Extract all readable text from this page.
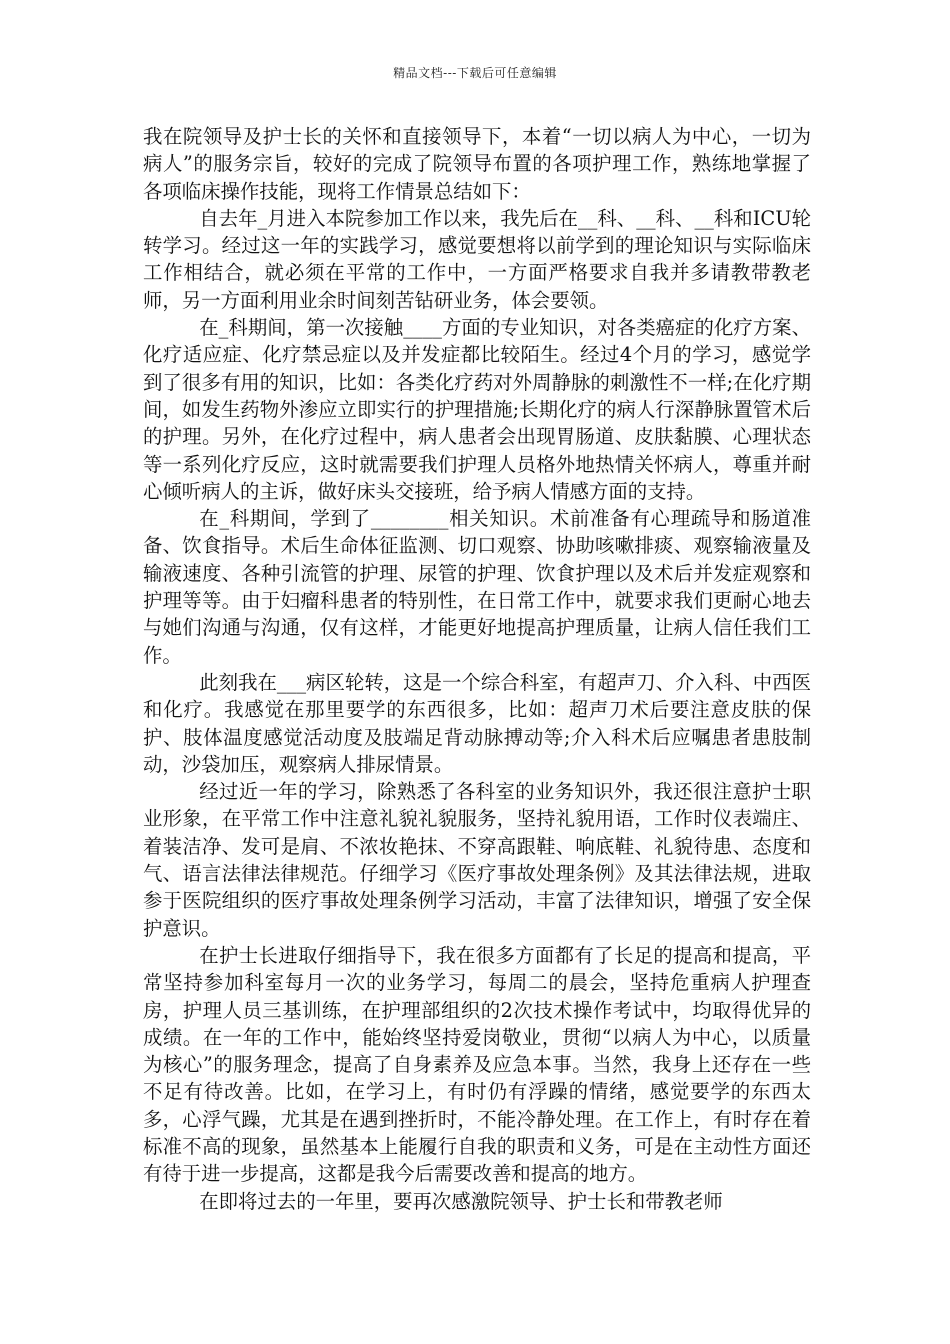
精品文档---下载后可任意编辑

我在院领导及护士长的关怀和直接领导下，本着“一切以病人为中心，一切为病人”的服务宗旨，较好的完成了院领导布置的各项护理工作，熟练地掌握了各项临床操作技能，现将工作情景总结如下：

自去年_月进入本院参加工作以来，我先后在__科、__科、__科和ICU轮转学习。经过这一年的实践学习，感觉要想将以前学到的理论知识与实际临床工作相结合，就必须在平常的工作中，一方面严格要求自我并多请教带教老师，另一方面利用业余时间刻苦钻研业务，体会要领。

在_科期间，第一次接触____方面的专业知识，对各类癌症的化疗方案、化疗适应症、化疗禁忌症以及并发症都比较陌生。经过4个月的学习，感觉学到了很多有用的知识，比如：各类化疗药对外周静脉的刺激性不一样;在化疗期间，如发生药物外渗应立即实行的护理措施;长期化疗的病人行深静脉置管术后的护理。另外，在化疗过程中，病人患者会出现胃肠道、皮肤黏膜、心理状态等一系列化疗反应，这时就需要我们护理人员格外地热情关怀病人，尊重并耐心倾听病人的主诉，做好床头交接班，给予病人情感方面的支持。

在_科期间，学到了________相关知识。术前准备有心理疏导和肠道准备、饮食指导。术后生命体征监测、切口观察、协助咳嗽排痰、观察输液量及输液速度、各种引流管的护理、尿管的护理、饮食护理以及术后并发症观察和护理等等。由于妇瘤科患者的特别性，在日常工作中，就要求我们更耐心地去与她们沟通与沟通，仅有这样，才能更好地提高护理质量，让病人信任我们工作。

此刻我在___病区轮转，这是一个综合科室，有超声刀、介入科、中西医和化疗。我感觉在那里要学的东西很多，比如：超声刀术后要注意皮肤的保护、肢体温度感觉活动度及肢端足背动脉搏动等;介入科术后应嘱患者患肢制动，沙袋加压，观察病人排尿情景。

经过近一年的学习，除熟悉了各科室的业务知识外，我还很注意护士职业形象，在平常工作中注意礼貌礼貌服务，坚持礼貌用语，工作时仪表端庄、着装洁净、发可是肩、不浓妆艳抹、不穿高跟鞋、响底鞋、礼貌待患、态度和气、语言法律法律规范。仔细学习《医疗事故处理条例》及其法律法规，进取参于医院组织的医疗事故处理条例学习活动，丰富了法律知识，增强了安全保护意识。

在护士长进取仔细指导下，我在很多方面都有了长足的提高和提高，平常坚持参加科室每月一次的业务学习，每周二的晨会，坚持危重病人护理查房，护理人员三基训练，在护理部组织的2次技术操作考试中，均取得优异的成绩。在一年的工作中，能始终坚持爱岗敬业，贯彻“以病人为中心，以质量为核心”的服务理念，提高了自身素养及应急本事。当然，我身上还存在一些不足有待改善。比如，在学习上，有时仍有浮躁的情绪，感觉要学的东西太多，心浮气躁，尤其是在遇到挫折时，不能冷静处理。在工作上，有时存在着标准不高的现象，虽然基本上能履行自我的职责和义务，可是在主动性方面还有待于进一步提高，这都是我今后需要改善和提高的地方。

在即将过去的一年里，要再次感激院领导、护士长和带教老师
